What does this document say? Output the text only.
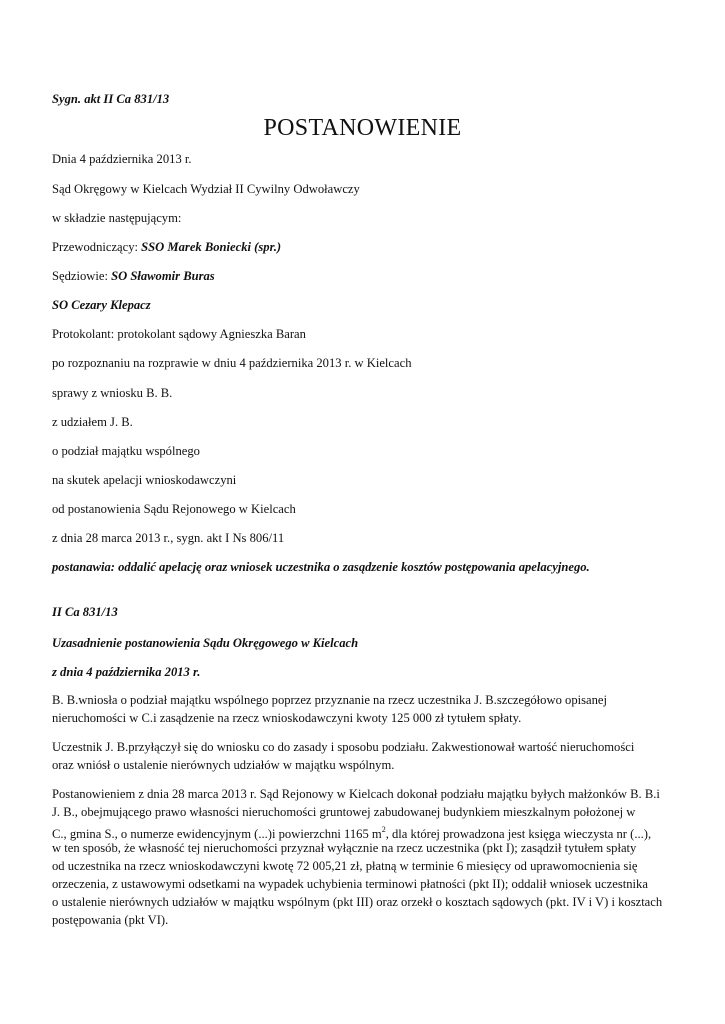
Sygn. akt II Ca 831/13

POSTANOWIENIE

Dnia 4 października 2013 r.

Sąd Okręgowy w Kielcach Wydział II Cywilny Odwoławczy

w składzie następującym:

Przewodniczący: SSO Marek Boniecki (spr.)

Sędziowie: SO Sławomir Buras

SO Cezary Klepacz

Protokolant: protokolant sądowy Agnieszka Baran

po rozpoznaniu na rozprawie w dniu 4 października 2013 r. w Kielcach

sprawy z wniosku B. B.

z udziałem J. B.

o podział majątku wspólnego

na skutek apelacji wnioskodawczyni

od postanowienia Sądu Rejonowego w Kielcach

z dnia 28 marca 2013 r., sygn. akt I Ns 806/11

postanawia: oddalić apelację oraz wniosek uczestnika o zasądzenie kosztów postępowania apelacyjnego.

II Ca 831/13

Uzasadnienie postanowienia Sądu Okręgowego w Kielcach

z dnia 4 października 2013 r.

B. B.wniosła o podział majątku wspólnego poprzez przyznanie na rzecz uczestnika J. B.szczegółowo opisanej

nieruchomości w C.i zasądzenie na rzecz wnioskodawczyni kwoty 125 000 zł tytułem spłaty.

Uczestnik J. B.przyłączył się do wniosku co do zasady i sposobu podziału. Zakwestionował wartość nieruchomości

oraz wniósł o ustalenie nierównych udziałów w majątku wspólnym.

Postanowieniem z dnia 28 marca 2013 r. Sąd Rejonowy w Kielcach dokonał podziału majątku byłych małżonków B. B.i

J. B., obejmującego prawo własności nieruchomości gruntowej zabudowanej budynkiem mieszkalnym położonej w

C., gmina S., o numerze ewidencyjnym (...)i powierzchni 1165 $m^2$, dla której prowadzona jest księga wieczysta nr (...),

w ten sposób, że własność tej nieruchomości przyznał wyłącznie na rzecz uczestnika (pkt I); zasądził tytułem spłaty

od uczestnika na rzecz wnioskodawczyni kwotę 72 005,21 zł, płatną w terminie 6 miesięcy od uprawomocnienia się

orzeczenia, z ustawowymi odsetkami na wypadek uchybienia terminowi płatności (pkt II); oddalił wniosek uczestnika

o ustalenie nierównych udziałów w majątku wspólnym (pkt III) oraz orzekł o kosztach sądowych (pkt. IV i V) i kosztach

postępowania (pkt VI).
